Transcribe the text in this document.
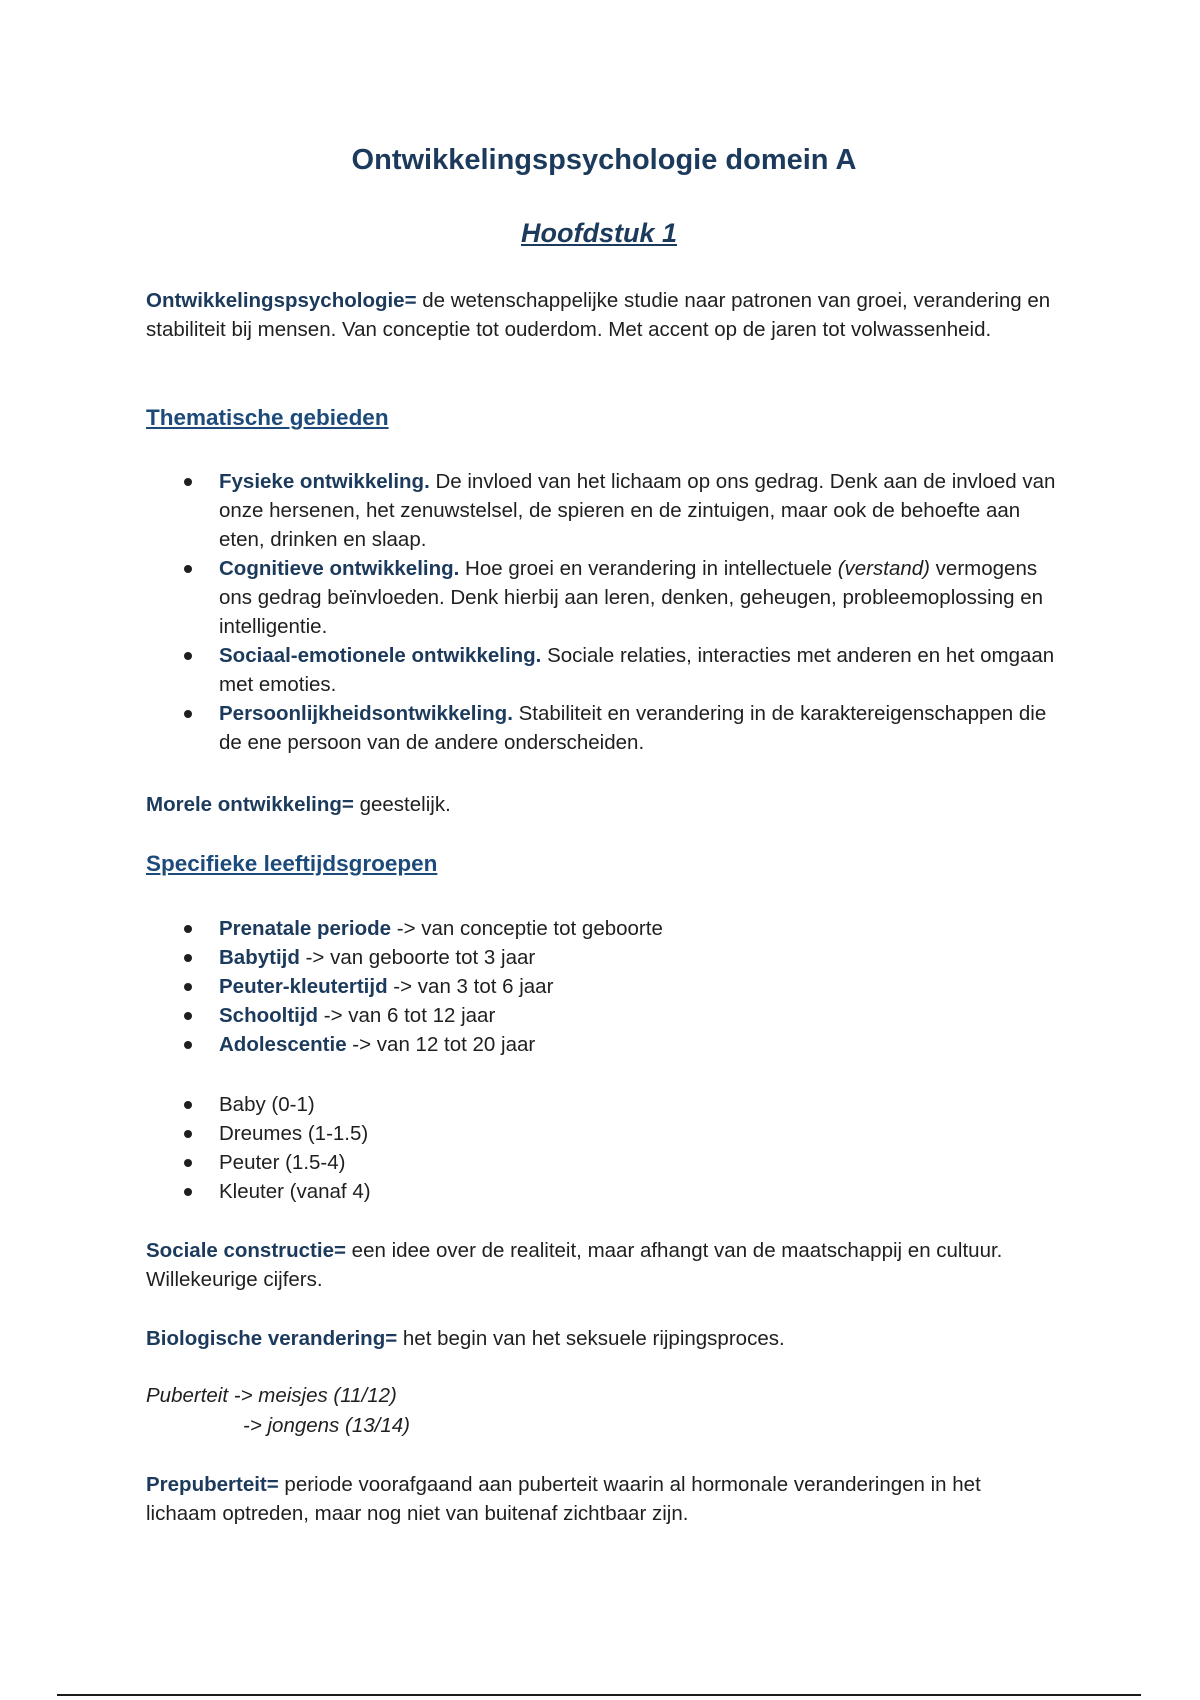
Ontwikkelingspsychologie domein A
Hoofdstuk 1

Ontwikkelingspsychologie= de wetenschappelijke studie naar patronen van groei, verandering en stabiliteit bij mensen. Van conceptie tot ouderdom. Met accent op de jaren tot volwassenheid.

Thematische gebieden
Fysieke ontwikkeling. De invloed van het lichaam op ons gedrag. Denk aan de invloed van onze hersenen, het zenuwstelsel, de spieren en de zintuigen, maar ook de behoefte aan eten, drinken en slaap.
Cognitieve ontwikkeling. Hoe groei en verandering in intellectuele (verstand) vermogens ons gedrag beïnvloeden. Denk hierbij aan leren, denken, geheugen, probleemoplossing en intelligentie.
Sociaal-emotionele ontwikkeling. Sociale relaties, interacties met anderen en het omgaan met emoties.
Persoonlijkheidsontwikkeling. Stabiliteit en verandering in de karaktereigenschappen die de ene persoon van de andere onderscheiden.

Morele ontwikkeling= geestelijk.

Specifieke leeftijdsgroepen
Prenatale periode -> van conceptie tot geboorte
Babytijd -> van geboorte tot 3 jaar
Peuter-kleutertijd -> van 3 tot 6 jaar
Schooltijd -> van 6 tot 12 jaar
Adolescentie -> van 12 tot 20 jaar
Baby (0-1)
Dreumes (1-1.5)
Peuter (1.5-4)
Kleuter (vanaf 4)

Sociale constructie= een idee over de realiteit, maar afhangt van de maatschappij en cultuur. Willekeurige cijfers.

Biologische verandering= het begin van het seksuele rijpingsproces.

Puberteit -> meisjes (11/12)
-> jongens (13/14)

Prepuberteit= periode voorafgaand aan puberteit waarin al hormonale veranderingen in het lichaam optreden, maar nog niet van buitenaf zichtbaar zijn.
